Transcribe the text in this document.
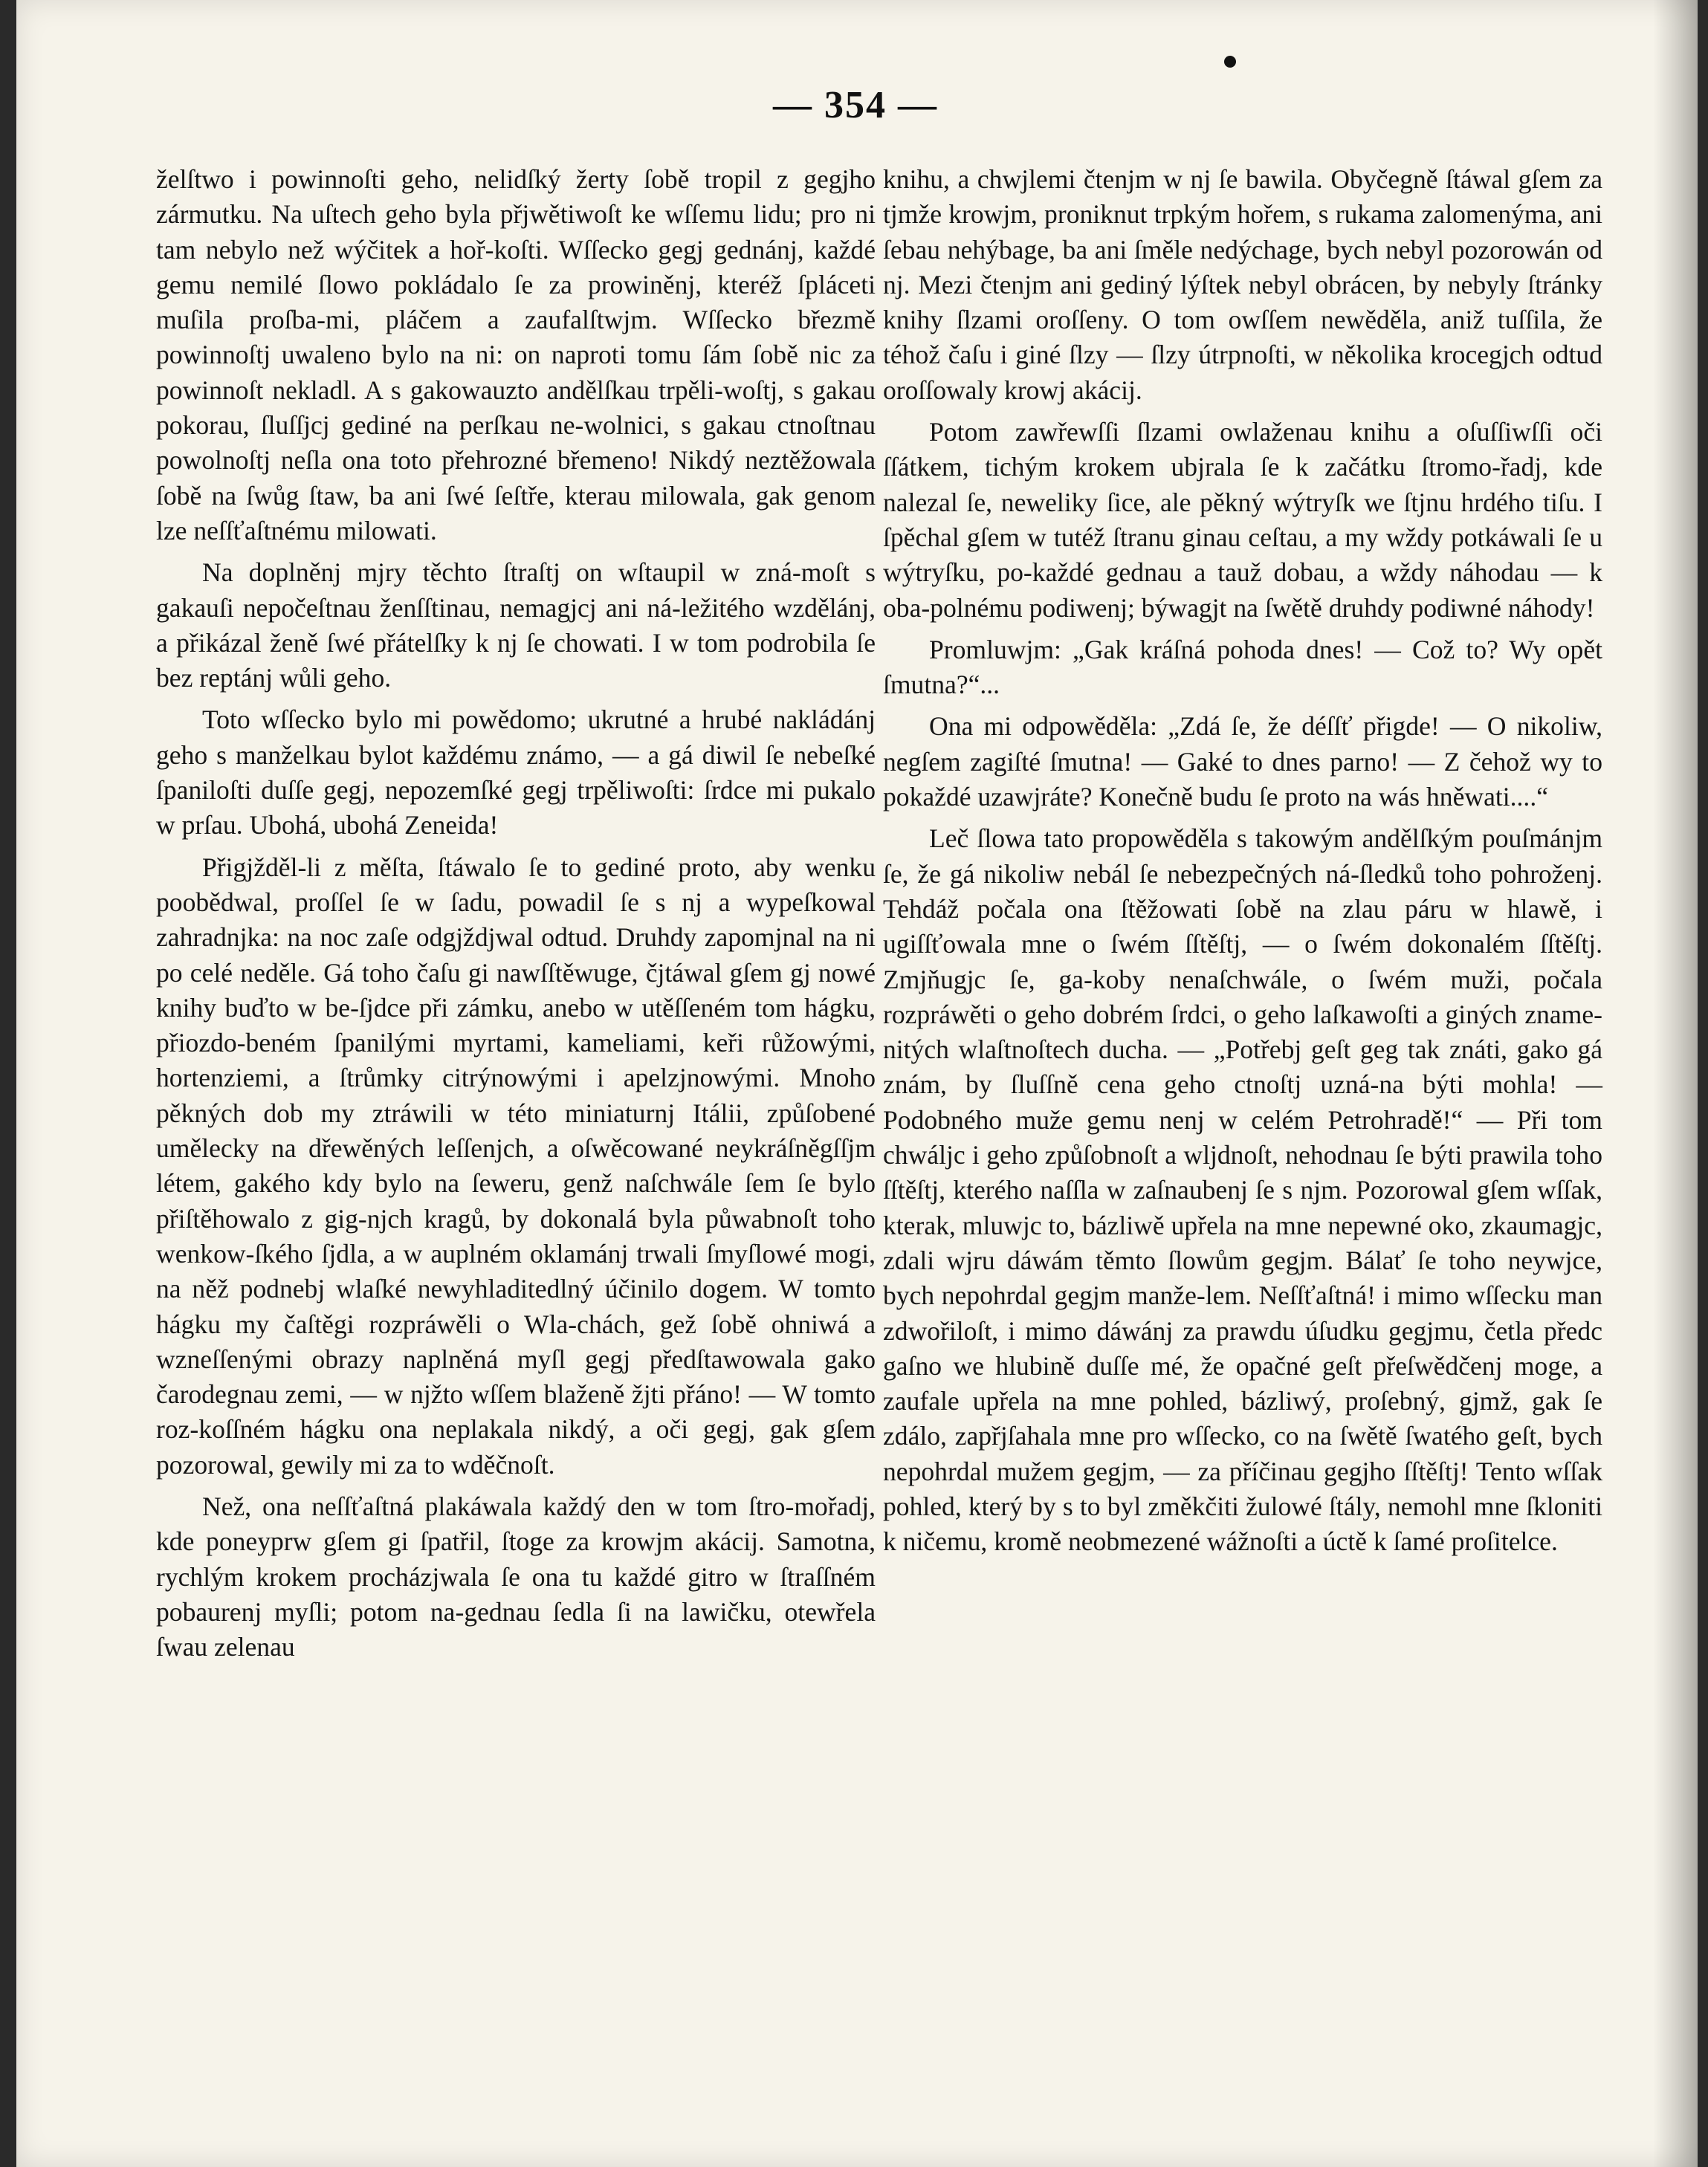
— 354 —

želſtwo i powinnoſti geho, nelidſký žerty ſobě tropil z gegjho zármutku. Na uſtech geho byla přjwětiwoſt ke wſſemu lidu; pro ni tam nebylo než wýčitek a hoř-koſti. Wſſecko gegj gednánj, každé gemu nemilé ſlowo pokládalo ſe za prowiněnj, kteréž ſpláceti muſila proſba-mi, pláčem a zaufalſtwjm. Wſſecko březmě powinnoſtj uwaleno bylo na ni: on naproti tomu ſám ſobě nic za powinnoſt nekladl. A s gakowauzto andělſkau trpěli-woſtj, s gakau pokorau, ſluſſjcj gediné na perſkau ne-wolnici, s gakau ctnoſtnau powolnoſtj neſla ona toto přehrozné břemeno! Nikdý neztěžowala ſobě na ſwůg ſtaw, ba ani ſwé ſeſtře, kterau milowala, gak genom lze neſſťaſtnému milowati.

Na doplněnj mjry těchto ſtraſtj on wſtaupil w zná-moſt s gakauſi nepočeſtnau ženſſtinau, nemagjcj ani ná-ležitého wzdělánj, a přikázal ženě ſwé přátelſky k nj ſe chowati. I w tom podrobila ſe bez reptánj wůli geho.

Toto wſſecko bylo mi powědomo; ukrutné a hrubé nakládánj geho s manželkau bylot každému známo, — a gá diwil ſe nebeſké ſpaniloſti duſſe gegj, nepozemſké gegj trpěliwoſti: ſrdce mi pukalo w prſau. Ubohá, ubohá Zeneida!

Přigjžděl-li z měſta, ſtáwalo ſe to gediné proto, aby wenku poobědwal, proſſel ſe w ſadu, powadil ſe s nj a wypeſkowal zahradnjka: na noc zaſe odgjždjwal odtud. Druhdy zapomjnal na ni po celé neděle. Gá toho čaſu gi nawſſtěwuge, čjtáwal gſem gj nowé knihy buďto w be-ſjdce při zámku, anebo w utěſſeném tom hágku, přiozdo-beném ſpanilými myrtami, kameliami, keři růžowými, hortenziemi, a ſtrůmky citrýnowými i apelzjnowými. Mnoho pěkných dob my ztráwili w této miniaturnj Itálii, způſobené uměleckу na dřewěných leſſenjch, a oſwěcowané neykráſněgſſjm létem, gakého kdy bylo na ſeweru, genž naſchwále ſem ſe bylo přiſtěhowalo z gig-nјch kragů, by dokonalá byla půwabnoſt toho wenkow-ſkého ſjdla, a w auplném oklamánj trwali ſmyſlowé mogi, na něž podnebj wlaſké newyhladitedlný účinilo dogem. W tomto hágku my čaſtěgi rozpráwěli o Wla-chách, gež ſobě ohniwá a wzneſſenými obrazy naplněná myſl gegj předſtawowala gako čarodegnau zemi, — w njžto wſſem blaženě žjti přáno! — W tomto roz-koſſném hágku ona neplakala nikdý, a oči gegj, gak gſem pozorowal, gewily mi za to wděčnoſt.

Než, ona neſſťaſtná plakáwala každý den w tom ſtro-mořadj, kde poneyprw gſem gi ſpatřil, ſtoge za krowjm akácij. Samotna, rychlým krokem procházjwala ſe ona tu každé gitro w ſtraſſném pobaurenj myſli; potom na-gednau ſedla ſi na lawičku, otewřela ſwau zelenau

knihu, a chwjlemi čtenjm w nj ſe bawila. Obyčegně ſtáwal gſem za tjmže krowjm, proniknut trpkým hořem, s rukama zalomenýma, ani ſebau nehýbage, ba ani ſměle nedýchage, bych nebyl pozorowán od nj. Mezi čtenjm ani gediný lýſtek nebyl obrácen, by nebyly ſtránky knihy ſlzami oroſſeny. O tom owſſem newěděla, aniž tuſſila, že téhož čaſu i giné ſlzy — ſlzy útrpnoſti, w několika krocegjch odtud oroſſowaly krowj akácij.

Potom zawřewſſi ſlzami owlaženau knihu a oſuſſiwſſi oči ſſátkem, tichým krokem ubjrala ſe k začátku ſtromo-řadj, kde nalezal ſe, newelikу ſice, ale pěkný wýtryſk we ſtjnu hrdého tiſu. I ſpěchal gſem w tutéž ſtranu ginau ceſtau, a my wždy potkáwali ſe u wýtryſku, po-každé gednau a tauž dobau, a wždy náhodau — k oba-polnému podiwenj; býwagjt na ſwětě druhdy podiwné náhody!

Promluwjm: „Gak kráſná pohoda dnes! — Což to? Wy opět ſmutna?“...

Ona mi odpowěděla: „Zdá ſe, že déſſť přigde! — O nikoliw, negſem zagiſté ſmutna! — Gaké to dnes parno! — Z čehož wy to pokaždé uzawjráte? Konečně budu ſe proto na wás hněwati....“

Leč ſlowa tato propowěděla s takowým andělſkým pouſmánjm ſe, že gá nikoliw nebál ſe nebezpečných ná-ſledků toho pohroženj. Tehdáž počala ona ſtěžowati ſobě na zlau páru w hlawě, i ugiſſťowala mne o ſwém ſſtěſtj, — o ſwém dokonalém ſſtěſtj. Zmjňugjc ſe, ga-koby nenaſchwále, o ſwém muži, počala rozpráwěti o geho dobrém ſrdci, o geho laſkawoſti a giných zname-nitých wlaſtnoſtech ducha. — „Potřebj geſt geg tak znáti, gako gá znám, by ſluſſně cena geho ctnoſtj uzná-na býti mohla! — Podobného muže gemu nenj w celém Petrohradě!“ — Při tom chwálјc i geho způſobnoſt a wljdnoſt, nehodnau ſe býti prawila toho ſſtěſtj, kterého naſſla w zaſnaubenj ſe s njm. Pozorowal gſem wſſak, kterak, mluwjc to, bázliwě upřela na mne nepewné oko, zkaumagjc, zdali wjru dáwám těmto ſlowům gegjm. Bálať ſe toho neywjce, bych nepohrdal gegjm manže-lem. Neſſťaſtná! i mimo wſſecku man zdwořiloſt, i mimo dáwánj za prawdu úſudku gegjmu, četla předc gaſno we hlubině duſſe mé, že opačné geſt přeſwědčenj moge, a zaufale upřela na mne pohled, bázliwý, proſebný, gjmž, gak ſe zdálo, zapřjſahala mne pro wſſecko, co na ſwětě ſwatého geſt, bych nepohrdal mužem gegjm, — za příčinau gegjho ſſtěſtj! Tento wſſak pohled, který by s to byl změkčiti žulowé ſtály, nemohl mne ſkloniti k ničemu, kromě neobmezené wážnoſti a úctě k ſamé proſitelce.
